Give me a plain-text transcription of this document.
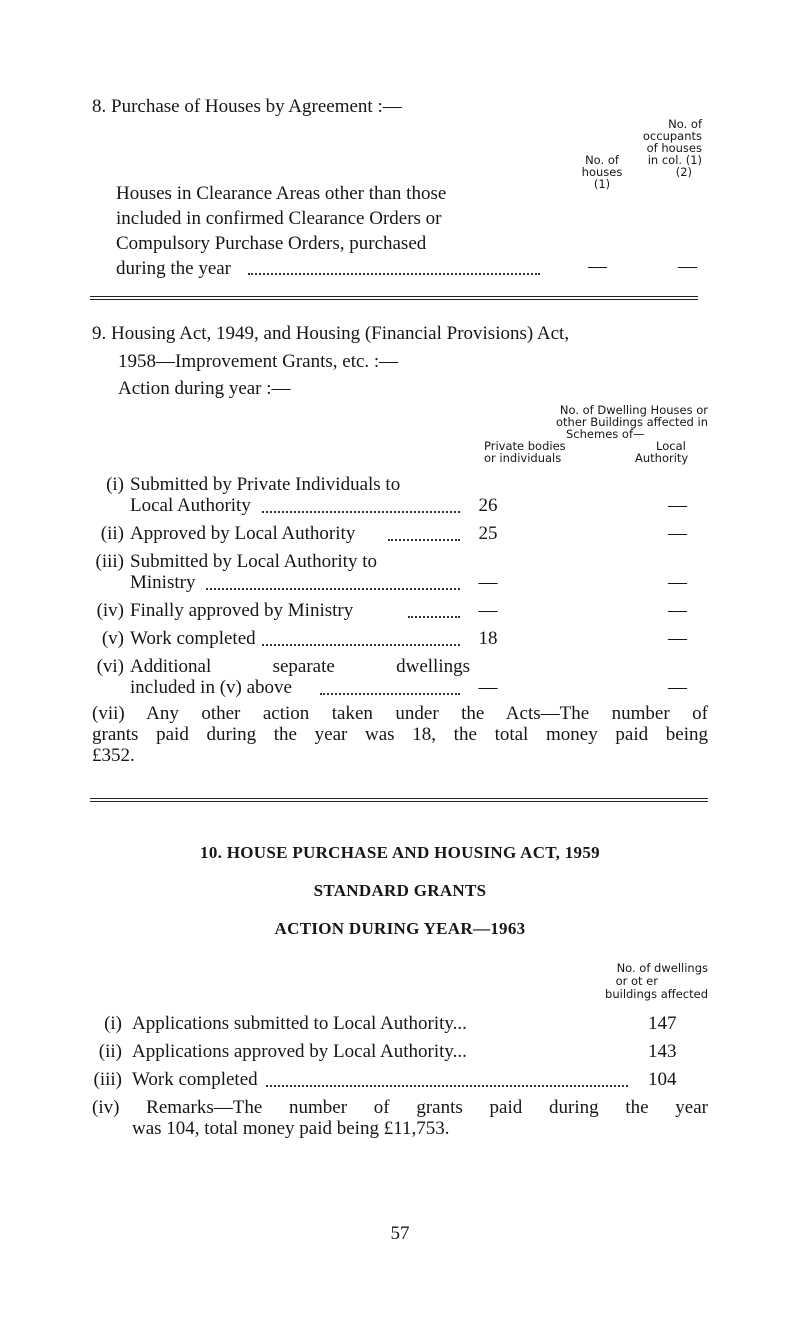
8. Purchase of Houses by Agreement :—
No. of
houses
(1)
No. of
occupants
of houses
in col. (1)
(2)
Houses in Clearance Areas other than those
included in confirmed Clearance Orders or
Compulsory Purchase Orders, purchased
during the year	—	—
9. Housing Act, 1949, and Housing (Financial Provisions) Act,
1958—Improvement Grants, etc. :—
Action during year :—
No. of Dwelling Houses or
other Buildings affected in
Schemes of—
Private bodies	Local
or individuals	Authority
(i) Submitted by Private Individuals to
Local Authority	26	—
(ii) Approved by Local Authority	25	—
(iii) Submitted by Local Authority to
Ministry	—	—
(iv) Finally approved by Ministry	—	—
(v) Work completed	18	—
(vi) Additional separate dwellings
included in (v) above	—	—
(vii) Any other action taken under the Acts—The number of
grants paid during the year was 18, the total money paid being
£352.
10. HOUSE PURCHASE AND HOUSING ACT, 1959
STANDARD GRANTS
ACTION DURING YEAR—1963
No. of dwellings
or ot er
buildings affected
(i) Applications submitted to Local Authority...	147
(ii) Applications approved by Local Authority...	143
(iii) Work completed	104
(iv) Remarks—The number of grants paid during the year
was 104, total money paid being £11,753.
57
